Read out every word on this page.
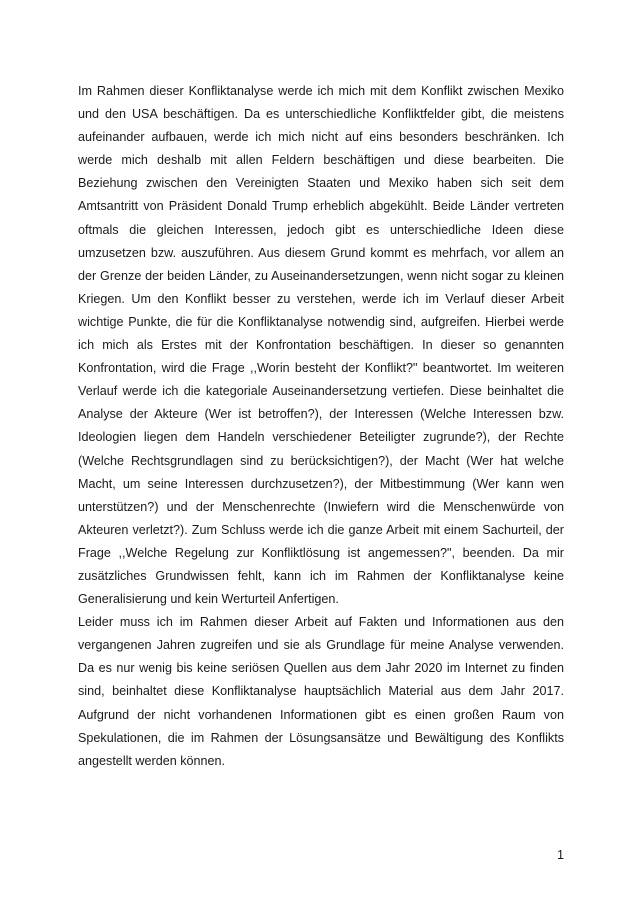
Im Rahmen dieser Konfliktanalyse werde ich mich mit dem Konflikt zwischen Mexiko und den USA beschäftigen. Da es unterschiedliche Konfliktfelder gibt, die meistens aufeinander aufbauen, werde ich mich nicht auf eins besonders beschränken. Ich werde mich deshalb mit allen Feldern beschäftigen und diese bearbeiten. Die Beziehung zwischen den Vereinigten Staaten und Mexiko haben sich seit dem Amtsantritt von Präsident Donald Trump erheblich abgekühlt. Beide Länder vertreten oftmals die gleichen Interessen, jedoch gibt es unterschiedliche Ideen diese umzusetzen bzw. auszuführen. Aus diesem Grund kommt es mehrfach, vor allem an der Grenze der beiden Länder, zu Auseinandersetzungen, wenn nicht sogar zu kleinen Kriegen. Um den Konflikt besser zu verstehen, werde ich im Verlauf dieser Arbeit wichtige Punkte, die für die Konfliktanalyse notwendig sind, aufgreifen. Hierbei werde ich mich als Erstes mit der Konfrontation beschäftigen. In dieser so genannten Konfrontation, wird die Frage ,,Worin besteht der Konflikt?" beantwortet. Im weiteren Verlauf werde ich die kategoriale Auseinandersetzung vertiefen. Diese beinhaltet die Analyse der Akteure (Wer ist betroffen?), der Interessen (Welche Interessen bzw. Ideologien liegen dem Handeln verschiedener Beteiligter zugrunde?), der Rechte (Welche Rechtsgrundlagen sind zu berücksichtigen?), der Macht (Wer hat welche Macht, um seine Interessen durchzusetzen?), der Mitbestimmung (Wer kann wen unterstützen?) und der Menschenrechte (Inwiefern wird die Menschenwürde von Akteuren verletzt?). Zum Schluss werde ich die ganze Arbeit mit einem Sachurteil, der Frage ,,Welche Regelung zur Konfliktlösung ist angemessen?", beenden. Da mir zusätzliches Grundwissen fehlt, kann ich im Rahmen der Konfliktanalyse keine Generalisierung und kein Werturteil Anfertigen.

Leider muss ich im Rahmen dieser Arbeit auf Fakten und Informationen aus den vergangenen Jahren zugreifen und sie als Grundlage für meine Analyse verwenden. Da es nur wenig bis keine seriösen Quellen aus dem Jahr 2020 im Internet zu finden sind, beinhaltet diese Konfliktanalyse hauptsächlich Material aus dem Jahr 2017. Aufgrund der nicht vorhandenen Informationen gibt es einen großen Raum von Spekulationen, die im Rahmen der Lösungsansätze und Bewältigung des Konflikts angestellt werden können.

1
